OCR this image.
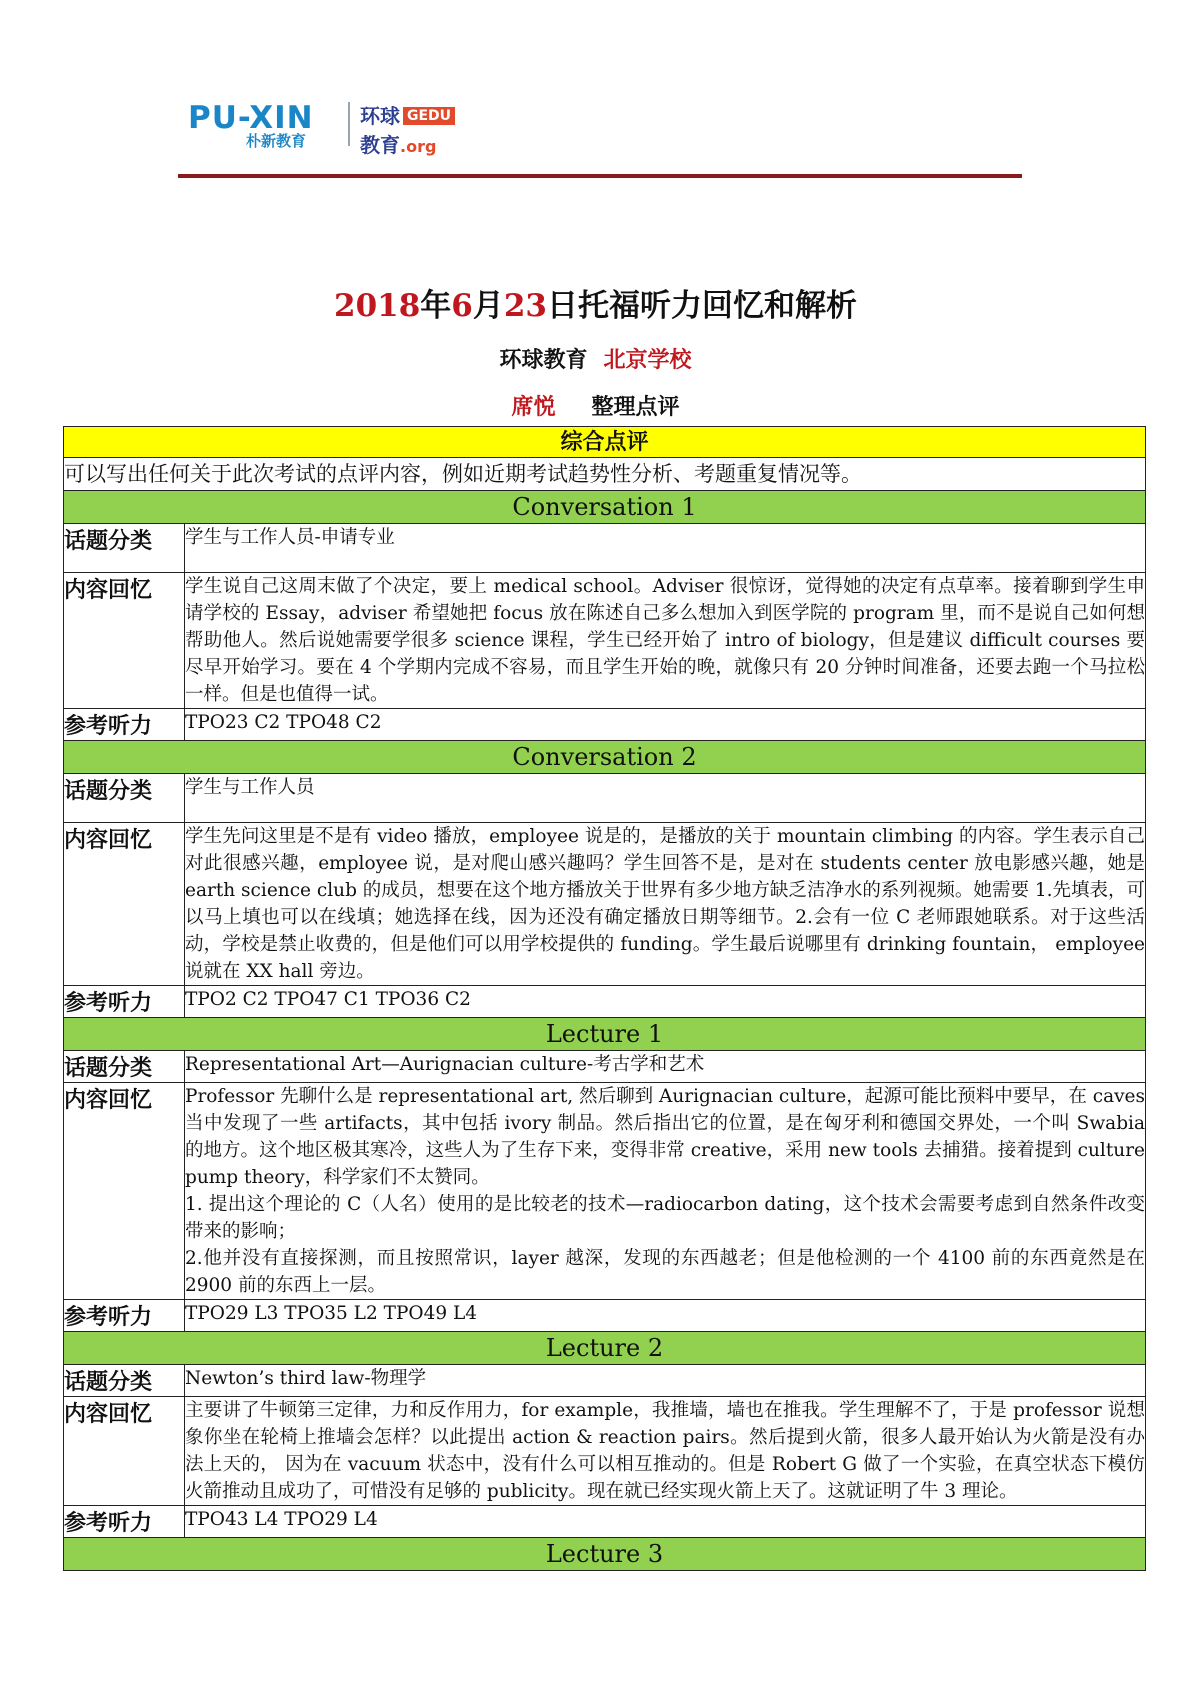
PU-XIN
朴新教育
环球 GEDU
教育.org
2018年6月23日托福听力回忆和解析
环球教育 北京学校
席悦 整理点评
综合点评	
可以写出任何关于此次考试的点评内容，例如近期考试趋势性分析、考题重复情况等。	
Conversation 1	
话题分类	学生与工作人员-申请专业
内容回忆	学生说自己这周末做了个决定，要上 medical school。Adviser 很惊讶，觉得她的决定有点草率。接着聊到学生申请学校的 Essay，adviser 希望她把 focus 放在陈述自己多么想加入到医学院的 program 里，而不是说自己如何想帮助他人。然后说她需要学很多 science 课程，学生已经开始了 intro of biology，但是建议 difficult courses 要尽早开始学习。要在 4 个学期内完成不容易，而且学生开始的晚，就像只有 20 分钟时间准备，还要去跑一个马拉松一样。但是也值得一试。

参考听力	TPO23 C2 TPO48 C2
Conversation 2	
话题分类	学生与工作人员
内容回忆	学生先问这里是不是有 video 播放，employee 说是的，是播放的关于 mountain climbing 的内容。学生表示自己对此很感兴趣，employee 说，是对爬山感兴趣吗？学生回答不是，是对在 students center 放电影感兴趣，她是 earth science club 的成员，想要在这个地方播放关于世界有多少地方缺乏洁净水的系列视频。她需要 1.先填表，可以马上填也可以在线填；她选择在线，因为还没有确定播放日期等细节。2.会有一位 C 老师跟她联系。对于这些活动，学校是禁止收费的，但是他们可以用学校提供的 funding。学生最后说哪里有 drinking fountain， employee 说就在 XX hall 旁边。

参考听力	TPO2 C2 TPO47 C1 TPO36 C2
Lecture 1	
话题分类	Representational Art—Aurignacian culture-考古学和艺术
内容回忆	Professor 先聊什么是 representational art, 然后聊到 Aurignacian culture，起源可能比预料中要早，在 caves 当中发现了一些 artifacts，其中包括 ivory 制品。然后指出它的位置，是在匈牙利和德国交界处，一个叫 Swabia 的地方。这个地区极其寒冷，这些人为了生存下来，变得非常 creative，采用 new tools 去捕猎。接着提到 culture pump theory，科学家们不太赞同。

1. 提出这个理论的 C（人名）使用的是比较老的技术—radiocarbon dating，这个技术会需要考虑到自然条件改变带来的影响；

2.他并没有直接探测，而且按照常识，layer 越深，发现的东西越老；但是他检测的一个 4100 前的东西竟然是在 2900 前的东西上一层。

参考听力	TPO29 L3 TPO35 L2 TPO49 L4
Lecture 2	
话题分类	Newton’s third law-物理学
内容回忆	主要讲了牛顿第三定律，力和反作用力，for example，我推墙，墙也在推我。学生理解不了，于是 professor 说想象你坐在轮椅上推墙会怎样？以此提出 action & reaction pairs。然后提到火箭，很多人最开始认为火箭是没有办法上天的， 因为在 vacuum 状态中，没有什么可以相互推动的。但是 Robert G 做了一个实验，在真空状态下模仿火箭推动且成功了，可惜没有足够的 publicity。现在就已经实现火箭上天了。这就证明了牛 3 理论。

参考听力	TPO43 L4 TPO29 L4
Lecture 3	
